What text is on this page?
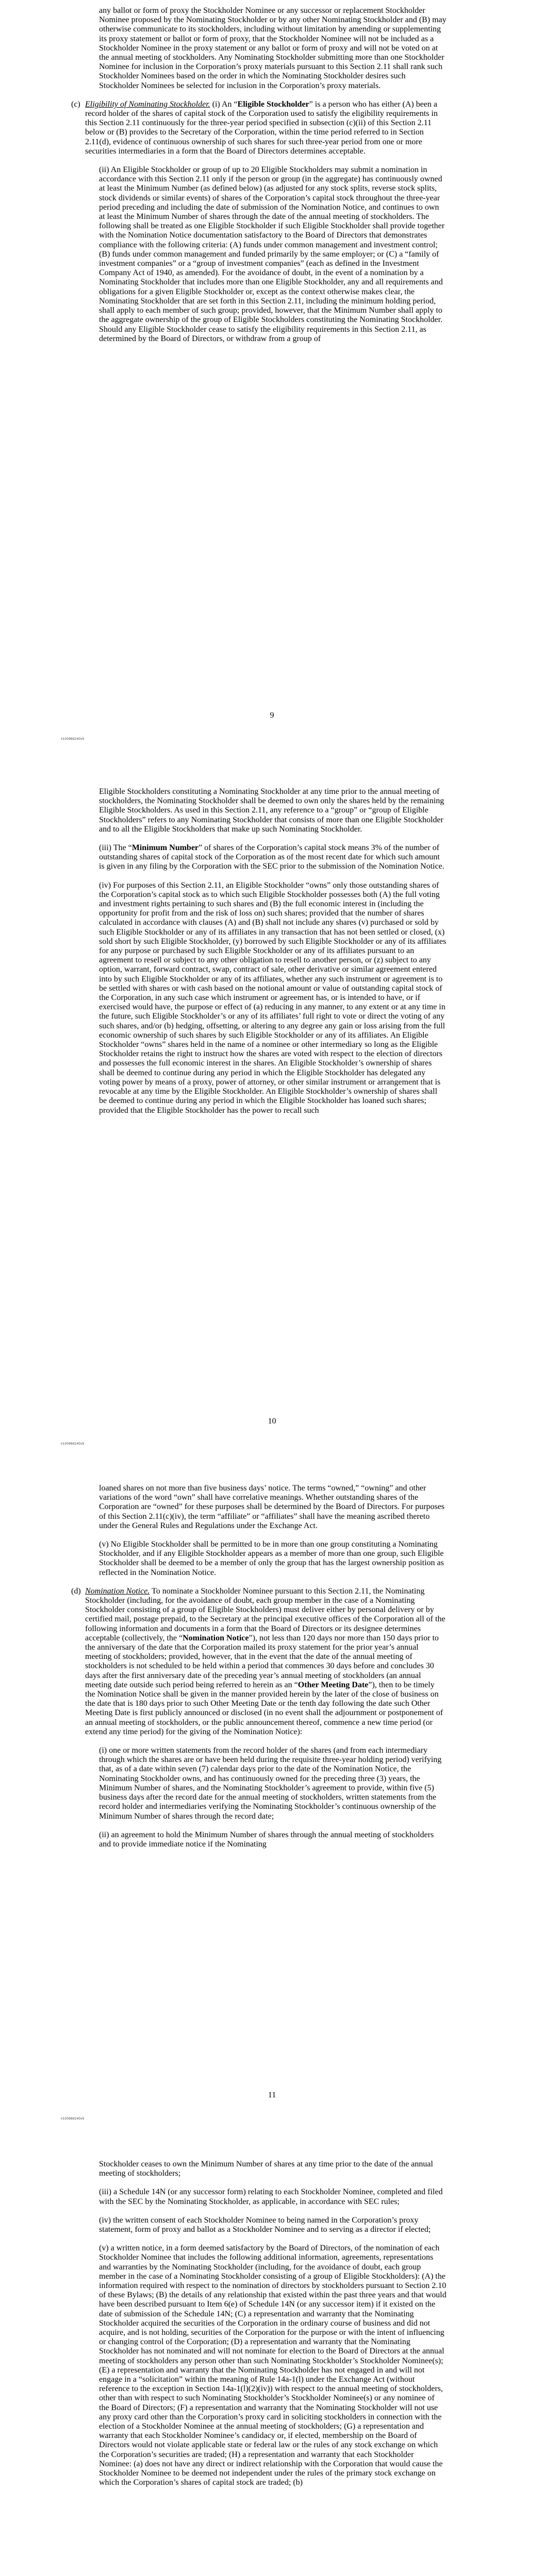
any ballot or form of proxy the Stockholder Nominee or any successor or replacement Stockholder Nominee proposed by the Nominating Stockholder or by any other Nominating Stockholder and (B) may otherwise communicate to its stockholders, including without limitation by amending or supplementing its proxy statement or ballot or form of proxy, that the Stockholder Nominee will not be included as a Stockholder Nominee in the proxy statement or any ballot or form of proxy and will not be voted on at the annual meeting of stockholders. Any Nominating Stockholder submitting more than one Stockholder Nominee for inclusion in the Corporation’s proxy materials pursuant to this Section 2.11 shall rank such Stockholder Nominees based on the order in which the Nominating Stockholder desires such Stockholder Nominees be selected for inclusion in the Corporation’s proxy materials.

(c) Eligibility of Nominating Stockholder. (i) An “Eligible Stockholder” is a person who has either (A) been a record holder of the shares of capital stock of the Corporation used to satisfy the eligibility requirements in this Section 2.11 continuously for the three-year period specified in subsection (c)(ii) of this Section 2.11 below or (B) provides to the Secretary of the Corporation, within the time period referred to in Section 2.11(d), evidence of continuous ownership of such shares for such three-year period from one or more securities intermediaries in a form that the Board of Directors determines acceptable.

(ii) An Eligible Stockholder or group of up to 20 Eligible Stockholders may submit a nomination in accordance with this Section 2.11 only if the person or group (in the aggregate) has continuously owned at least the Minimum Number (as defined below) (as adjusted for any stock splits, reverse stock splits, stock dividends or similar events) of shares of the Corporation’s capital stock throughout the three-year period preceding and including the date of submission of the Nomination Notice, and continues to own at least the Minimum Number of shares through the date of the annual meeting of stockholders. The following shall be treated as one Eligible Stockholder if such Eligible Stockholder shall provide together with the Nomination Notice documentation satisfactory to the Board of Directors that demonstrates compliance with the following criteria: (A) funds under common management and investment control; (B) funds under common management and funded primarily by the same employer; or (C) a “family of investment companies” or a “group of investment companies” (each as defined in the Investment Company Act of 1940, as amended). For the avoidance of doubt, in the event of a nomination by a Nominating Stockholder that includes more than one Eligible Stockholder, any and all requirements and obligations for a given Eligible Stockholder or, except as the context otherwise makes clear, the Nominating Stockholder that are set forth in this Section 2.11, including the minimum holding period, shall apply to each member of such group; provided, however, that the Minimum Number shall apply to the aggregate ownership of the group of Eligible Stockholders constituting the Nominating Stockholder. Should any Eligible Stockholder cease to satisfy the eligibility requirements in this Section 2.11, as determined by the Board of Directors, or withdraw from a group of

9
#100968240v5

Eligible Stockholders constituting a Nominating Stockholder at any time prior to the annual meeting of stockholders, the Nominating Stockholder shall be deemed to own only the shares held by the remaining Eligible Stockholders. As used in this Section 2.11, any reference to a “group” or “group of Eligible Stockholders” refers to any Nominating Stockholder that consists of more than one Eligible Stockholder and to all the Eligible Stockholders that make up such Nominating Stockholder.

(iii) The “Minimum Number” of shares of the Corporation’s capital stock means 3% of the number of outstanding shares of capital stock of the Corporation as of the most recent date for which such amount is given in any filing by the Corporation with the SEC prior to the submission of the Nomination Notice.

(iv) For purposes of this Section 2.11, an Eligible Stockholder “owns” only those outstanding shares of the Corporation’s capital stock as to which such Eligible Stockholder possesses both (A) the full voting and investment rights pertaining to such shares and (B) the full economic interest in (including the opportunity for profit from and the risk of loss on) such shares; provided that the number of shares calculated in accordance with clauses (A) and (B) shall not include any shares (v) purchased or sold by such Eligible Stockholder or any of its affiliates in any transaction that has not been settled or closed, (x) sold short by such Eligible Stockholder, (y) borrowed by such Eligible Stockholder or any of its affiliates for any purpose or purchased by such Eligible Stockholder or any of its affiliates pursuant to an agreement to resell or subject to any other obligation to resell to another person, or (z) subject to any option, warrant, forward contract, swap, contract of sale, other derivative or similar agreement entered into by such Eligible Stockholder or any of its affiliates, whether any such instrument or agreement is to be settled with shares or with cash based on the notional amount or value of outstanding capital stock of the Corporation, in any such case which instrument or agreement has, or is intended to have, or if exercised would have, the purpose or effect of (a) reducing in any manner, to any extent or at any time in the future, such Eligible Stockholder’s or any of its affiliates’ full right to vote or direct the voting of any such shares, and/or (b) hedging, offsetting, or altering to any degree any gain or loss arising from the full economic ownership of such shares by such Eligible Stockholder or any of its affiliates. An Eligible Stockholder “owns” shares held in the name of a nominee or other intermediary so long as the Eligible Stockholder retains the right to instruct how the shares are voted with respect to the election of directors and possesses the full economic interest in the shares. An Eligible Stockholder’s ownership of shares shall be deemed to continue during any period in which the Eligible Stockholder has delegated any voting power by means of a proxy, power of attorney, or other similar instrument or arrangement that is revocable at any time by the Eligible Stockholder. An Eligible Stockholder’s ownership of shares shall be deemed to continue during any period in which the Eligible Stockholder has loaned such shares; provided that the Eligible Stockholder has the power to recall such

10
#100968240v5

loaned shares on not more than five business days’ notice. The terms “owned,” “owning” and other variations of the word “own” shall have correlative meanings. Whether outstanding shares of the Corporation are “owned” for these purposes shall be determined by the Board of Directors. For purposes of this Section 2.11(c)(iv), the term “affiliate” or “affiliates” shall have the meaning ascribed thereto under the General Rules and Regulations under the Exchange Act.

(v) No Eligible Stockholder shall be permitted to be in more than one group constituting a Nominating Stockholder, and if any Eligible Stockholder appears as a member of more than one group, such Eligible Stockholder shall be deemed to be a member of only the group that has the largest ownership position as reflected in the Nomination Notice.

(d) Nomination Notice. To nominate a Stockholder Nominee pursuant to this Section 2.11, the Nominating Stockholder (including, for the avoidance of doubt, each group member in the case of a Nominating Stockholder consisting of a group of Eligible Stockholders) must deliver either by personal delivery or by certified mail, postage prepaid, to the Secretary at the principal executive offices of the Corporation all of the following information and documents in a form that the Board of Directors or its designee determines acceptable (collectively, the “Nomination Notice”), not less than 120 days nor more than 150 days prior to the anniversary of the date that the Corporation mailed its proxy statement for the prior year’s annual meeting of stockholders; provided, however, that in the event that the date of the annual meeting of stockholders is not scheduled to be held within a period that commences 30 days before and concludes 30 days after the first anniversary date of the preceding year’s annual meeting of stockholders (an annual meeting date outside such period being referred to herein as an “Other Meeting Date”), then to be timely the Nomination Notice shall be given in the manner provided herein by the later of the close of business on the date that is 180 days prior to such Other Meeting Date or the tenth day following the date such Other Meeting Date is first publicly announced or disclosed (in no event shall the adjournment or postponement of an annual meeting of stockholders, or the public announcement thereof, commence a new time period (or extend any time period) for the giving of the Nomination Notice):

(i) one or more written statements from the record holder of the shares (and from each intermediary through which the shares are or have been held during the requisite three-year holding period) verifying that, as of a date within seven (7) calendar days prior to the date of the Nomination Notice, the Nominating Stockholder owns, and has continuously owned for the preceding three (3) years, the Minimum Number of shares, and the Nominating Stockholder’s agreement to provide, within five (5) business days after the record date for the annual meeting of stockholders, written statements from the record holder and intermediaries verifying the Nominating Stockholder’s continuous ownership of the Minimum Number of shares through the record date;

(ii) an agreement to hold the Minimum Number of shares through the annual meeting of stockholders and to provide immediate notice if the Nominating

11
#100968240v5

Stockholder ceases to own the Minimum Number of shares at any time prior to the date of the annual meeting of stockholders;

(iii) a Schedule 14N (or any successor form) relating to each Stockholder Nominee, completed and filed with the SEC by the Nominating Stockholder, as applicable, in accordance with SEC rules;

(iv) the written consent of each Stockholder Nominee to being named in the Corporation’s proxy statement, form of proxy and ballot as a Stockholder Nominee and to serving as a director if elected;

(v) a written notice, in a form deemed satisfactory by the Board of Directors, of the nomination of each Stockholder Nominee that includes the following additional information, agreements, representations and warranties by the Nominating Stockholder (including, for the avoidance of doubt, each group member in the case of a Nominating Stockholder consisting of a group of Eligible Stockholders): (A) the information required with respect to the nomination of directors by stockholders pursuant to Section 2.10 of these Bylaws; (B) the details of any relationship that existed within the past three years and that would have been described pursuant to Item 6(e) of Schedule 14N (or any successor item) if it existed on the date of submission of the Schedule 14N; (C) a representation and warranty that the Nominating Stockholder acquired the securities of the Corporation in the ordinary course of business and did not acquire, and is not holding, securities of the Corporation for the purpose or with the intent of influencing or changing control of the Corporation; (D) a representation and warranty that the Nominating Stockholder has not nominated and will not nominate for election to the Board of Directors at the annual meeting of stockholders any person other than such Nominating Stockholder’s Stockholder Nominee(s); (E) a representation and warranty that the Nominating Stockholder has not engaged in and will not engage in a “solicitation” within the meaning of Rule 14a-1(l) under the Exchange Act (without reference to the exception in Section 14a-1(l)(2)(iv)) with respect to the annual meeting of stockholders, other than with respect to such Nominating Stockholder’s Stockholder Nominee(s) or any nominee of the Board of Directors; (F) a representation and warranty that the Nominating Stockholder will not use any proxy card other than the Corporation’s proxy card in soliciting stockholders in connection with the election of a Stockholder Nominee at the annual meeting of stockholders; (G) a representation and warranty that each Stockholder Nominee’s candidacy or, if elected, membership on the Board of Directors would not violate applicable state or federal law or the rules of any stock exchange on which the Corporation’s securities are traded; (H) a representation and warranty that each Stockholder Nominee: (a) does not have any direct or indirect relationship with the Corporation that would cause the Stockholder Nominee to be deemed not independent under the rules of the primary stock exchange on which the Corporation’s shares of capital stock are traded; (b)
